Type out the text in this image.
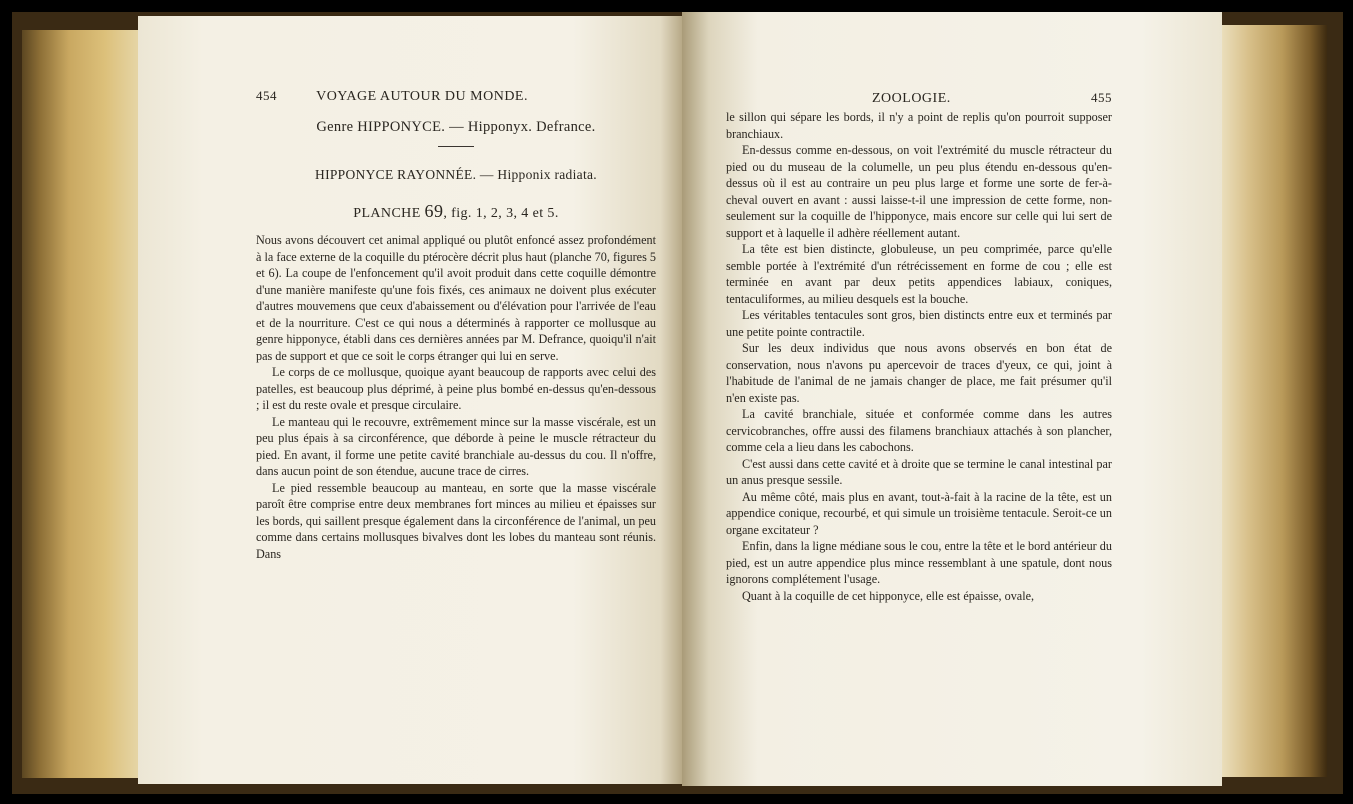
454	VOYAGE AUTOUR DU MONDE.

Genre HIPPONYCE. — Hipponyx. Defrance.

HIPPONYCE RAYONNÉE. — Hipponix radiata.

PLANCHE 69, fig. 1, 2, 3, 4 et 5.

Nous avons découvert cet animal appliqué ou plutôt enfoncé assez profondément à la face externe de la coquille du ptérocère décrit plus haut (planche 70, figures 5 et 6). La coupe de l'enfoncement qu'il avoit produit dans cette coquille démontre d'une manière manifeste qu'une fois fixés, ces animaux ne doivent plus exécuter d'autres mouvemens que ceux d'abaissement ou d'élévation pour l'arrivée de l'eau et de la nourriture. C'est ce qui nous a déterminés à rapporter ce mollusque au genre hipponyce, établi dans ces dernières années par M. Defrance, quoiqu'il n'ait pas de support et que ce soit le corps étranger qui lui en serve.

Le corps de ce mollusque, quoique ayant beaucoup de rapports avec celui des patelles, est beaucoup plus déprimé, à peine plus bombé en-dessus qu'en-dessous ; il est du reste ovale et presque circulaire.

Le manteau qui le recouvre, extrêmement mince sur la masse viscérale, est un peu plus épais à sa circonférence, que déborde à peine le muscle rétracteur du pied. En avant, il forme une petite cavité branchiale au-dessus du cou. Il n'offre, dans aucun point de son étendue, aucune trace de cirres.

Le pied ressemble beaucoup au manteau, en sorte que la masse viscérale paroît être comprise entre deux membranes fort minces au milieu et épaisses sur les bords, qui saillent presque également dans la circonférence de l'animal, un peu comme dans certains mollusques bivalves dont les lobes du manteau sont réunis. Dans

ZOOLOGIE.	455

le sillon qui sépare les bords, il n'y a point de replis qu'on pourroit supposer branchiaux.

En-dessus comme en-dessous, on voit l'extrémité du muscle rétracteur du pied ou du museau de la columelle, un peu plus étendu en-dessous qu'en-dessus où il est au contraire un peu plus large et forme une sorte de fer-à-cheval ouvert en avant : aussi laisse-t-il une impression de cette forme, non-seulement sur la coquille de l'hipponyce, mais encore sur celle qui lui sert de support et à laquelle il adhère réellement autant.

La tête est bien distincte, globuleuse, un peu comprimée, parce qu'elle semble portée à l'extrémité d'un rétrécissement en forme de cou ; elle est terminée en avant par deux petits appendices labiaux, coniques, tentaculiformes, au milieu desquels est la bouche.

Les véritables tentacules sont gros, bien distincts entre eux et terminés par une petite pointe contractile.

Sur les deux individus que nous avons observés en bon état de conservation, nous n'avons pu apercevoir de traces d'yeux, ce qui, joint à l'habitude de l'animal de ne jamais changer de place, me fait présumer qu'il n'en existe pas.

La cavité branchiale, située et conformée comme dans les autres cervicobranches, offre aussi des filamens branchiaux attachés à son plancher, comme cela a lieu dans les cabochons.

C'est aussi dans cette cavité et à droite que se termine le canal intestinal par un anus presque sessile.

Au même côté, mais plus en avant, tout-à-fait à la racine de la tête, est un appendice conique, recourbé, et qui simule un troisième tentacule. Seroit-ce un organe excitateur ?

Enfin, dans la ligne médiane sous le cou, entre la tête et le bord antérieur du pied, est un autre appendice plus mince ressemblant à une spatule, dont nous ignorons complétement l'usage.

Quant à la coquille de cet hipponyce, elle est épaisse, ovale,
